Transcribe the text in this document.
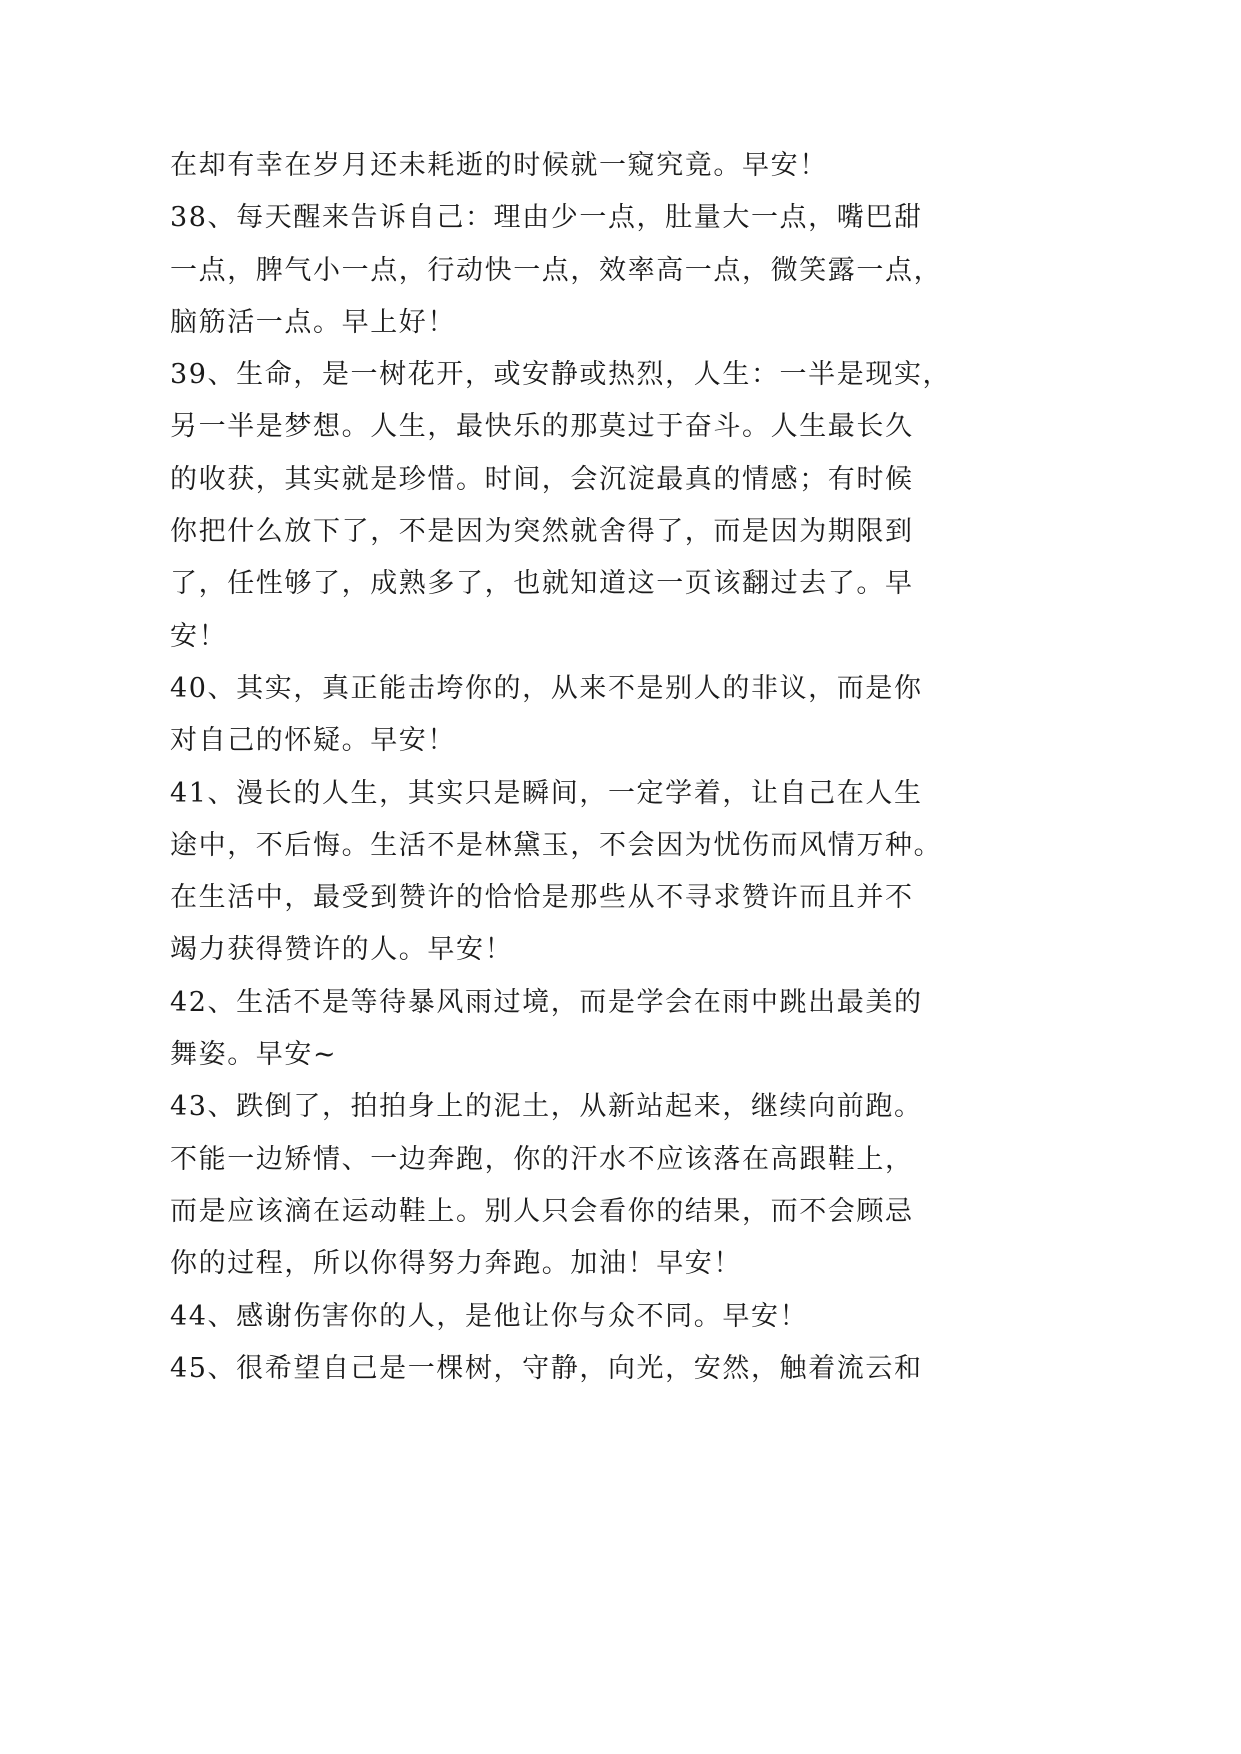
在却有幸在岁月还未耗逝的时候就一窥究竟。早安！
38、每天醒来告诉自己：理由少一点，肚量大一点，嘴巴甜
一点，脾气小一点，行动快一点，效率高一点，微笑露一点，
脑筋活一点。早上好！
39、生命，是一树花开，或安静或热烈，人生：一半是现实，
另一半是梦想。人生，最快乐的那莫过于奋斗。人生最长久
的收获，其实就是珍惜。时间，会沉淀最真的情感；有时候
你把什么放下了，不是因为突然就舍得了，而是因为期限到
了，任性够了，成熟多了，也就知道这一页该翻过去了。早
安！
40、其实，真正能击垮你的，从来不是别人的非议，而是你
对自己的怀疑。早安！
41、漫长的人生，其实只是瞬间，一定学着，让自己在人生
途中，不后悔。生活不是林黛玉，不会因为忧伤而风情万种。
在生活中，最受到赞许的恰恰是那些从不寻求赞许而且并不
竭力获得赞许的人。早安！
42、生活不是等待暴风雨过境，而是学会在雨中跳出最美的
舞姿。早安~
43、跌倒了，拍拍身上的泥土，从新站起来，继续向前跑。
不能一边矫情、一边奔跑，你的汗水不应该落在高跟鞋上，
而是应该滴在运动鞋上。别人只会看你的结果，而不会顾忌
你的过程，所以你得努力奔跑。加油！早安！
44、感谢伤害你的人，是他让你与众不同。早安！
45、很希望自己是一棵树，守静，向光，安然，触着流云和
